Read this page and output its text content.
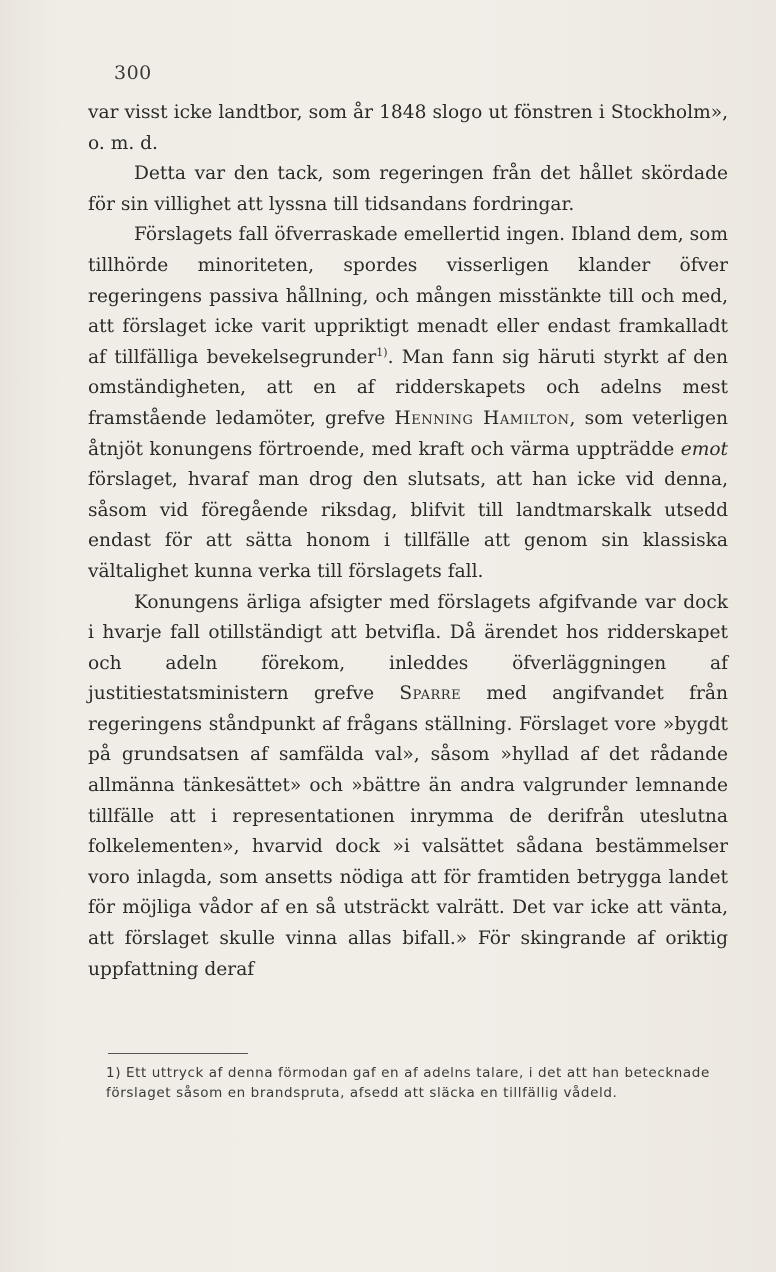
300

var visst icke landtbor, som år 1848 slogo ut fönstren i Stockholm», o. m. d.

Detta var den tack, som regeringen från det hållet skördade för sin villighet att lyssna till tidsandans fordringar.

Förslagets fall öfverraskade emellertid ingen. Ibland dem, som tillhörde minoriteten, spordes visserligen klander öfver regeringens passiva hållning, och mången misstänkte till och med, att förslaget icke varit uppriktigt menadt eller endast framkalladt af tillfälliga bevekelsegrunder$^{1)}$. Man fann sig häruti styrkt af den omständigheten, att en af ridderskapets och adelns mest framstående ledamöter, grefve Henning Hamilton, som veterligen åtnjöt konungens förtroende, med kraft och värma uppträdde emot förslaget, hvaraf man drog den slutsats, att han icke vid denna, såsom vid föregående riksdag, blifvit till landtmarskalk utsedd endast för att sätta honom i tillfälle att genom sin klassiska vältalighet kunna verka till förslagets fall.

Konungens ärliga afsigter med förslagets afgifvande var dock i hvarje fall otillständigt att betvifla. Då ärendet hos ridderskapet och adeln förekom, inleddes öfverläggningen af justitiestatsministern grefve Sparre med angifvandet från regeringens ståndpunkt af frågans ställning. Förslaget vore »bygdt på grundsatsen af samfälda val», såsom »hyllad af det rådande allmänna tänkesättet» och »bättre än andra valgrunder lemnande tillfälle att i representationen inrymma de derifrån uteslutna folkelementen», hvarvid dock »i valsättet sådana bestämmelser voro inlagda, som ansetts nödiga att för framtiden betrygga landet för möjliga vådor af en så utsträckt valrätt. Det var icke att vänta, att förslaget skulle vinna allas bifall.» För skingrande af oriktig uppfattning deraf

1) Ett uttryck af denna förmodan gaf en af adelns talare, i det att han betecknade förslaget såsom en brandspruta, afsedd att släcka en tillfällig vådeld.
